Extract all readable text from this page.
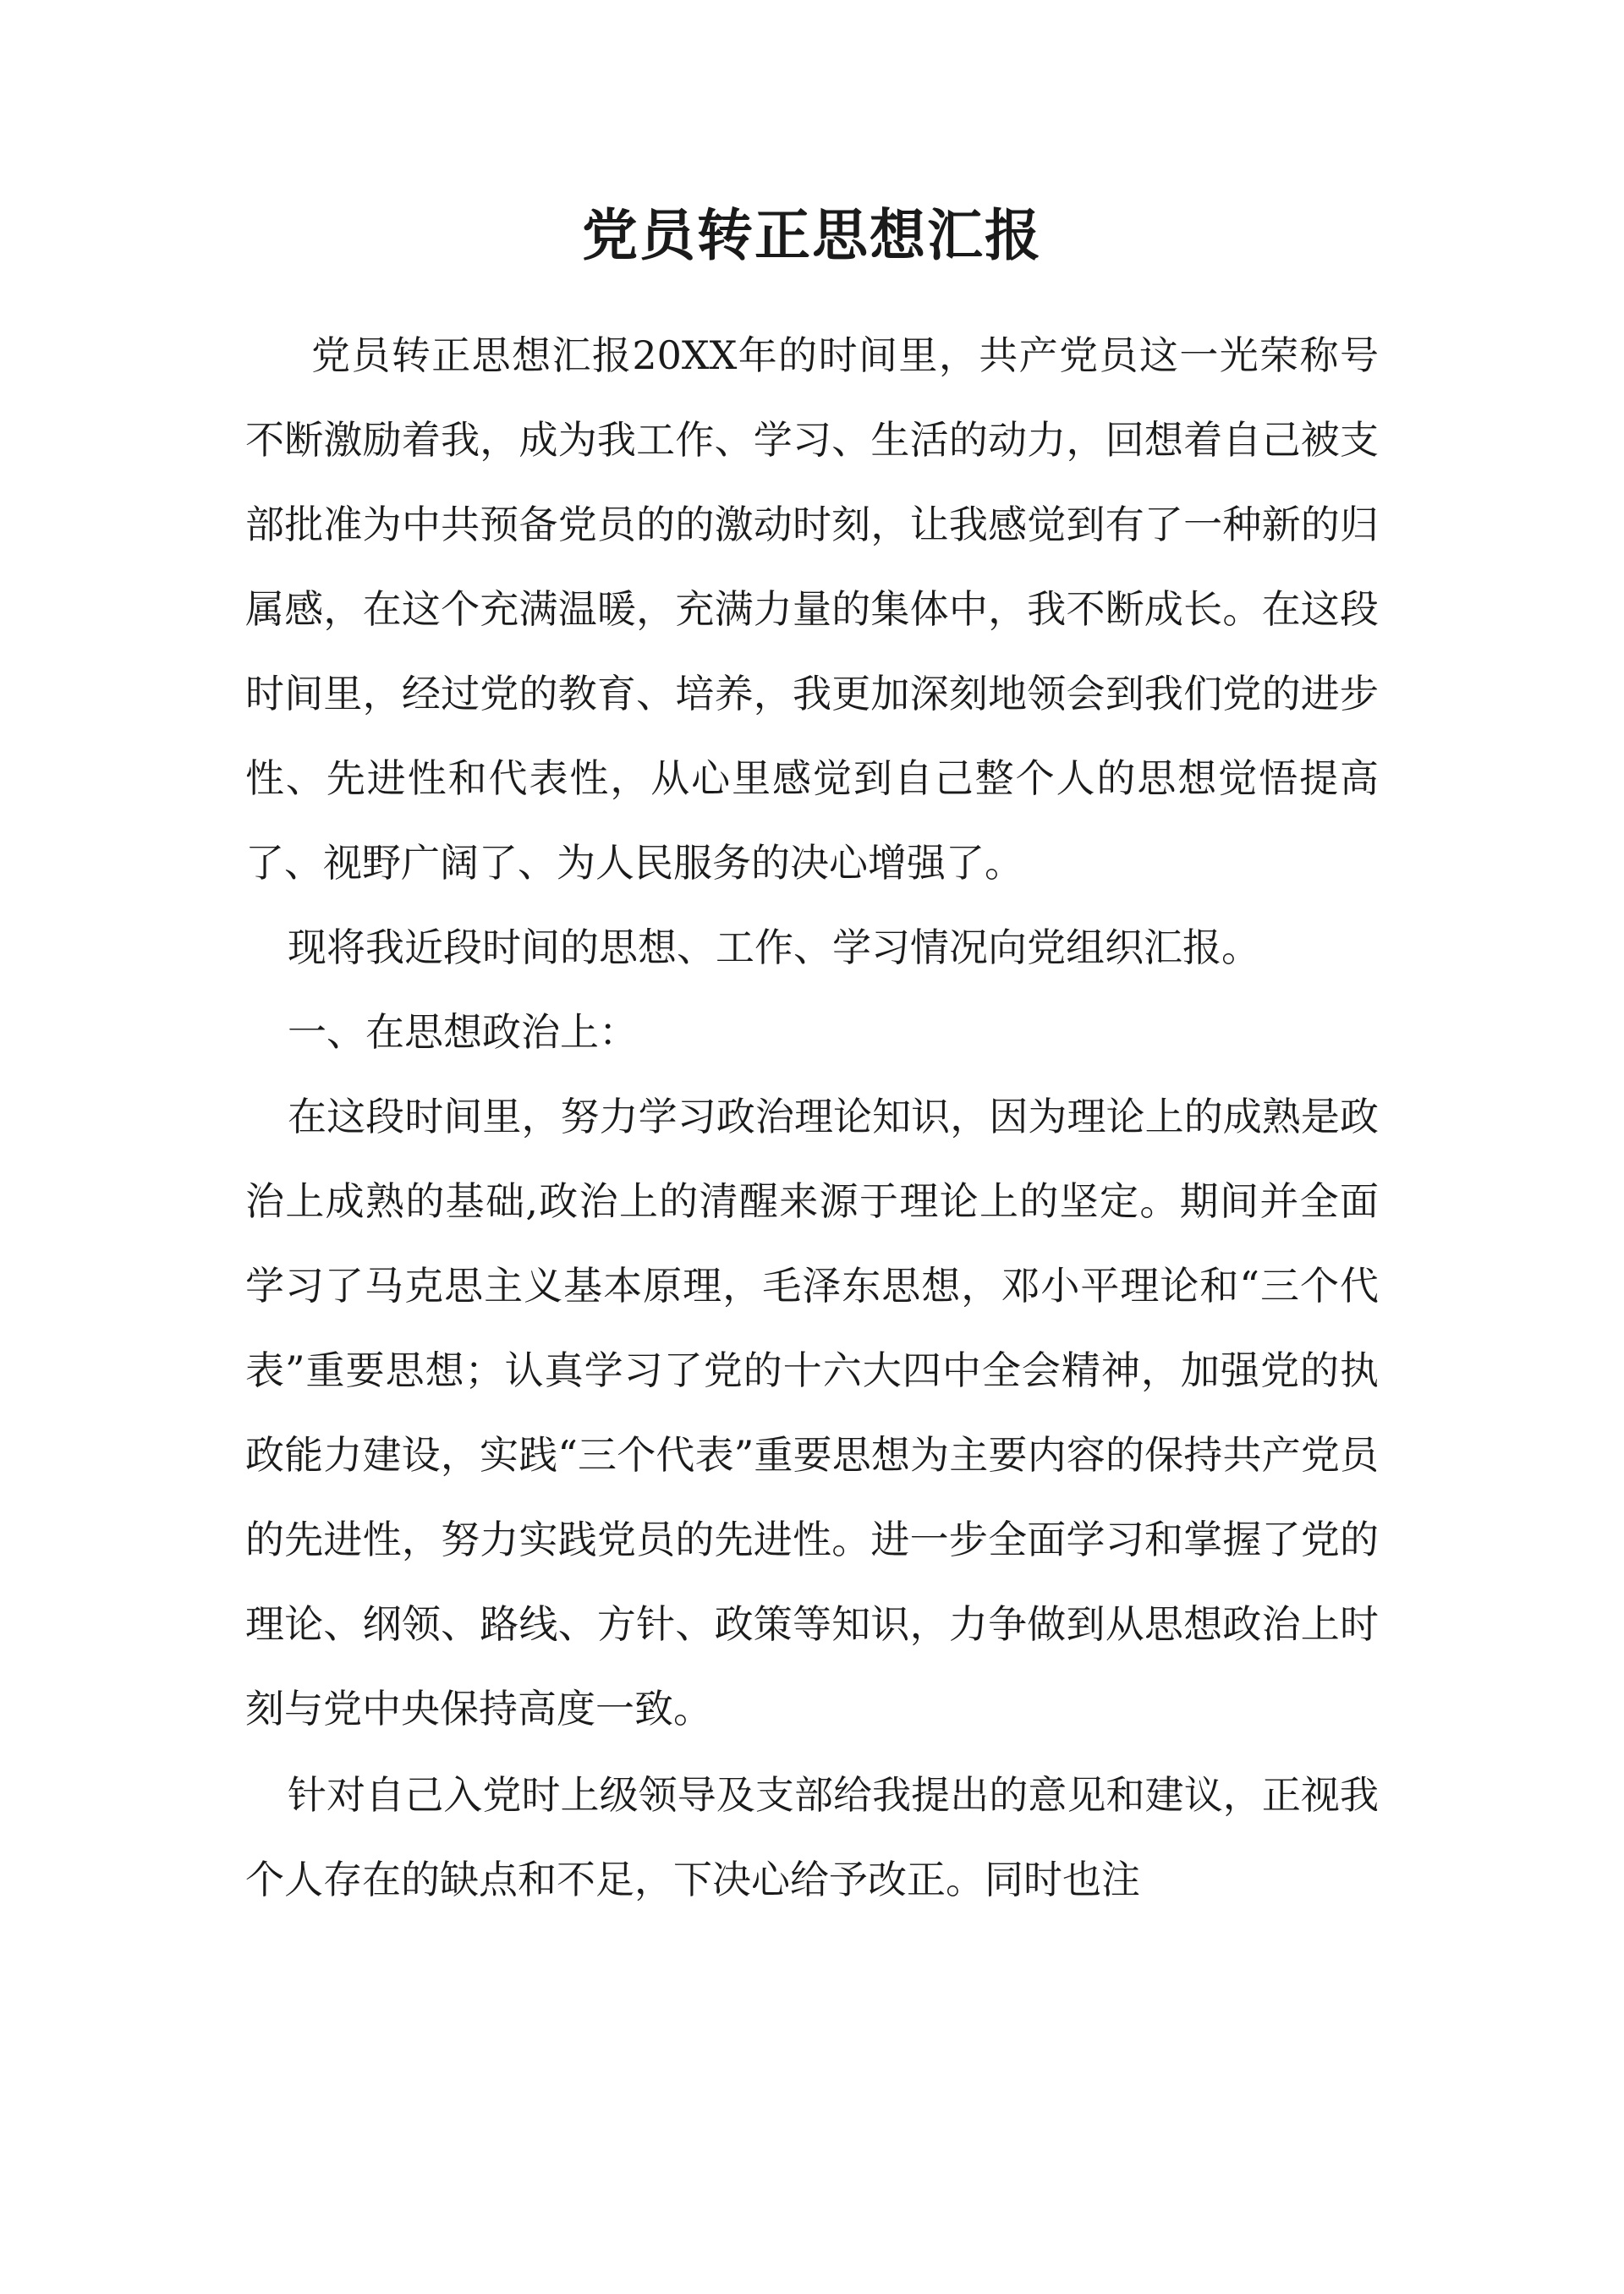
党员转正思想汇报

党员转正思想汇报20XX年的时间里，共产党员这一光荣称号不断激励着我，成为我工作、学习、生活的动力，回想着自己被支部批准为中共预备党员的的激动时刻，让我感觉到有了一种新的归属感，在这个充满温暖，充满力量的集体中，我不断成长。在这段时间里，经过党的教育、培养，我更加深刻地领会到我们党的进步性、先进性和代表性，从心里感觉到自己整个人的思想觉悟提高了、视野广阔了、为人民服务的决心增强了。

现将我近段时间的思想、工作、学习情况向党组织汇报。

一、在思想政治上：

在这段时间里，努力学习政治理论知识，因为理论上的成熟是政治上成熟的基础,政治上的清醒来源于理论上的坚定。期间并全面学习了马克思主义基本原理，毛泽东思想，邓小平理论和“三个代表”重要思想；认真学习了党的十六大四中全会精神，加强党的执政能力建设，实践“三个代表”重要思想为主要内容的保持共产党员的先进性，努力实践党员的先进性。进一步全面学习和掌握了党的理论、纲领、路线、方针、政策等知识，力争做到从思想政治上时刻与党中央保持高度一致。

针对自己入党时上级领导及支部给我提出的意见和建议，正视我个人存在的缺点和不足，下决心给予改正。同时也注
